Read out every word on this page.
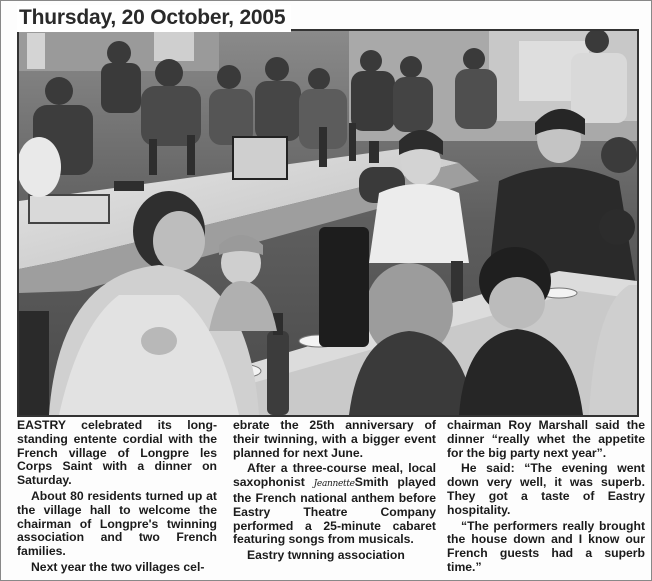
Thursday, 20 October, 2005

EASTRY celebrated its long-standing entente cordial with the French village of Longpre les Corps Saint with a dinner on Saturday.

About 80 residents turned up at the village hall to welcome the chairman of Longpre's twinning association and two French families.

Next year the two villages cel-

ebrate the 25th anniversary of their twinning, with a bigger event planned for next June.

After a three-course meal, local saxophonist JeannetteSmith played the French national anthem before Eastry Theatre Company performed a 25-minute cabaret featuring songs from musicals.

Eastry twnning association

chairman Roy Marshall said the dinner “really whet the appetite for the big party next year”.

He said: “The evening went down very well, it was superb. They got a taste of Eastry hospitality.

“The performers really brought the house down and I know our French guests had a superb time.”
